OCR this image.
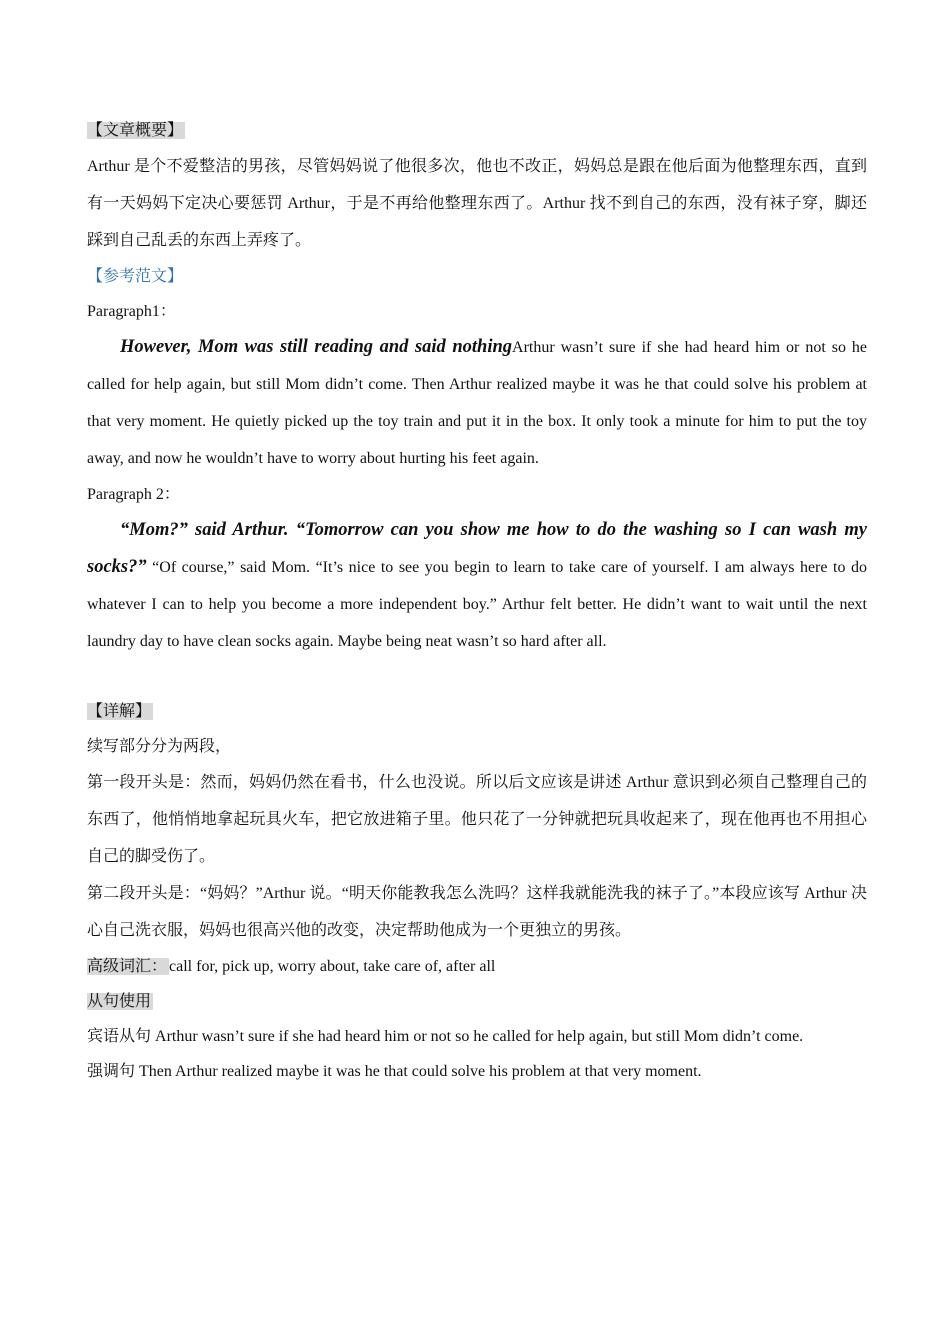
【文章概要】

Arthur 是个不爱整洁的男孩，尽管妈妈说了他很多次，他也不改正，妈妈总是跟在他后面为他整理东西，直到有一天妈妈下定决心要惩罚 Arthur，于是不再给他整理东西了。Arthur 找不到自己的东西，没有袜子穿，脚还踩到自己乱丢的东西上弄疼了。

【参考范文】

Paragraph1：

However, Mom was still reading and said nothingArthur wasn’t sure if she had heard him or not so he called for help again, but still Mom didn’t come. Then Arthur realized maybe it was he that could solve his problem at that very moment. He quietly picked up the toy train and put it in the box. It only took a minute for him to put the toy away, and now he wouldn’t have to worry about hurting his feet again.

Paragraph 2：

“Mom?” said Arthur. “Tomorrow can you show me how to do the washing so I can wash my socks?” “Of course,” said Mom. “It’s nice to see you begin to learn to take care of yourself. I am always here to do whatever I can to help you become a more independent boy.” Arthur felt better. He didn’t want to wait until the next laundry day to have clean socks again. Maybe being neat wasn’t so hard after all.

【详解】

续写部分分为两段，

第一段开头是：然而，妈妈仍然在看书，什么也没说。所以后文应该是讲述 Arthur 意识到必须自己整理自己的东西了，他悄悄地拿起玩具火车，把它放进箱子里。他只花了一分钟就把玩具收起来了，现在他再也不用担心自己的脚受伤了。

第二段开头是：“妈妈？”Arthur 说。“明天你能教我怎么洗吗？这样我就能洗我的袜子了。”本段应该写 Arthur 决心自己洗衣服，妈妈也很高兴他的改变，决定帮助他成为一个更独立的男孩。

高级词汇： call for, pick up, worry about, take care of, after all

从句使用

宾语从句 Arthur wasn’t sure if she had heard him or not so he called for help again, but still Mom didn’t come.

强调句 Then Arthur realized maybe it was he that could solve his problem at that very moment.
